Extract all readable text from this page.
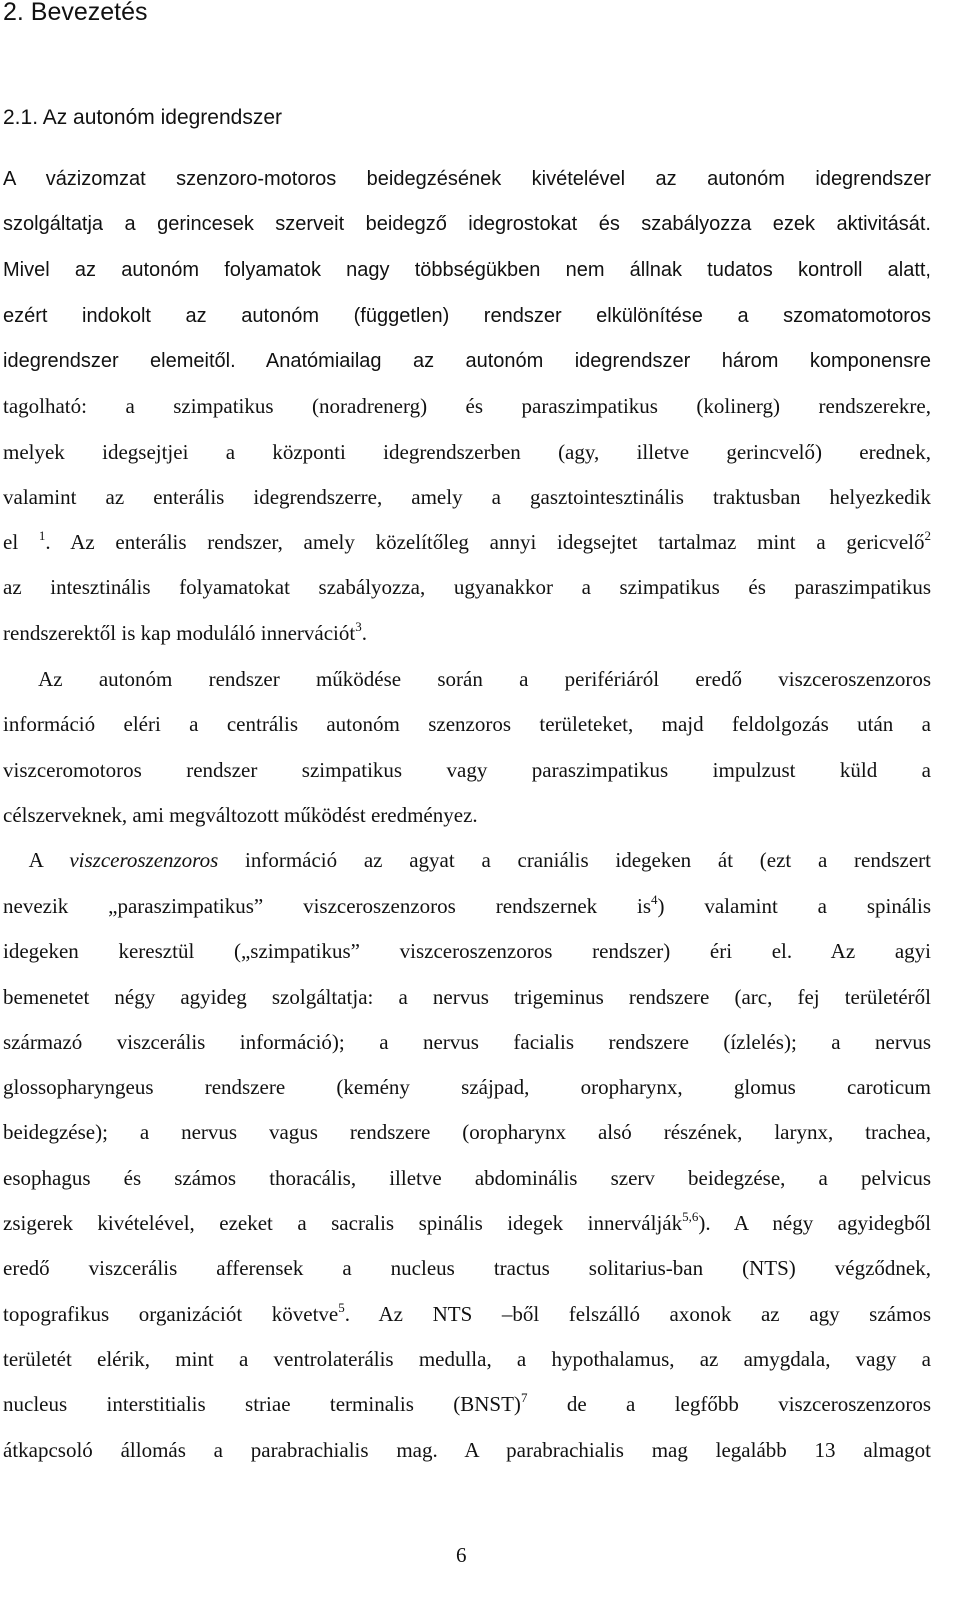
2. Bevezetés
2.1. Az autonóm idegrendszer
A vázizomzat szenzoro-motoros beidegzésének kivételével az autonóm idegrendszer
szolgáltatja a gerincesek szerveit beidegző idegrostokat és szabályozza ezek aktivitását.
Mivel az autonóm folyamatok nagy többségükben nem állnak tudatos kontroll alatt,
ezért indokolt az autonóm (független) rendszer elkülönítése a szomatomotoros
idegrendszer elemeitől. Anatómiailag az autonóm idegrendszer három komponensre
tagolható: a szimpatikus (noradrenerg) és paraszimpatikus (kolinerg) rendszerekre,
melyek idegsejtjei a központi idegrendszerben (agy, illetve gerincvelő) erednek,
valamint az enterális idegrendszerre, amely a gasztointesztinális traktusban helyezkedik
el $^1$. Az enterális rendszer, amely közelítőleg annyi idegsejtet tartalmaz mint a gericvelő$^2$
az intesztinális folyamatokat szabályozza, ugyanakkor a szimpatikus és paraszimpatikus
rendszerektől is kap moduláló innervációt$^3$.
Az autonóm rendszer működése során a perifériáról eredő viszceroszenzoros
információ eléri a centrális autonóm szenzoros területeket, majd feldolgozás után a
viszceromotoros rendszer szimpatikus vagy paraszimpatikus impulzust küld a
célszerveknek, ami megváltozott működést eredményez.
A viszceroszenzoros információ az agyat a craniális idegeken át (ezt a rendszert
nevezik „paraszimpatikus” viszceroszenzoros rendszernek $is^4$) valamint a spinális
idegeken keresztül („szimpatikus” viszceroszenzoros rendszer) éri el. Az agyi
bemenetet négy agyideg szolgáltatja: a nervus trigeminus rendszere (arc, fej területéről
származó viszcerális információ); a nervus facialis rendszere (ízlelés); a nervus
glossopharyngeus rendszere (kemény szájpad, oropharynx, glomus caroticum
beidegzése); a nervus vagus rendszere (oropharynx alsó részének, larynx, trachea,
esophagus és számos thoracális, illetve abdominális szerv beidegzése, a pelvicus
zsigerek kivételével, ezeket a sacralis spinális idegek innerválják$^{5,6}$). A négy agyidegből
eredő viszcerális afferensek a nucleus tractus solitarius-ban (NTS) végződnek,
topografikus organizációt követve$^5$. Az NTS –ből felszálló axonok az agy számos
területét elérik, mint a ventrolaterális medulla, a hypothalamus, az amygdala, vagy a
nucleus interstitialis striae terminalis (BNST)$^7$ de a legfőbb viszceroszenzoros
átkapcsoló állomás a parabrachialis mag. A parabrachialis mag legalább 13 almagot
6
